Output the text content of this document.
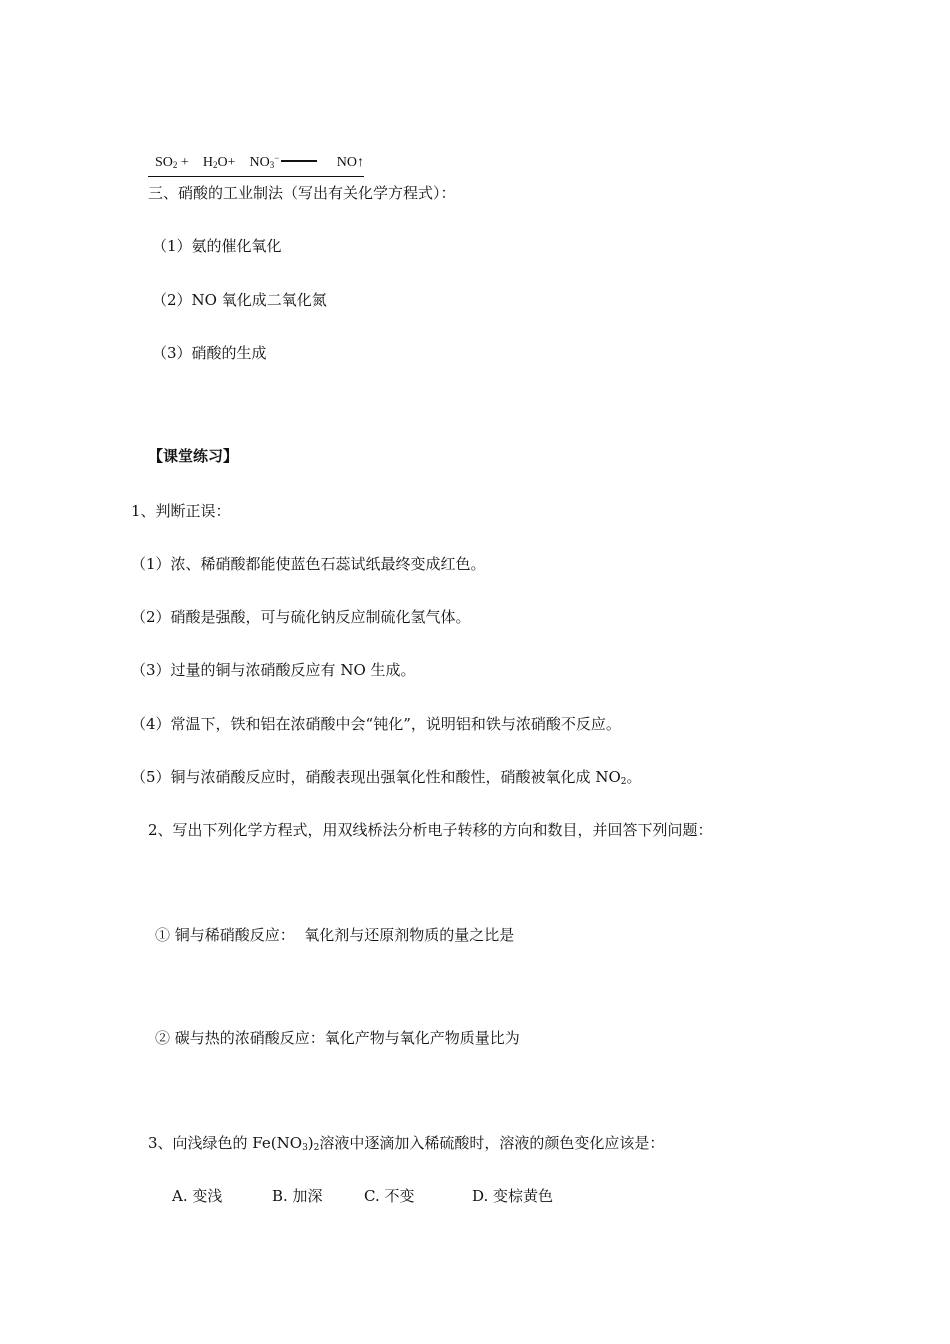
$SO_2 + H_2O+ NO_3^-$	NO↑

三、硝酸的工业制法（写出有关化学方程式）：
（1）氨的催化氧化
（2）NO 氧化成二氧化氮
（3）硝酸的生成
【课堂练习】
1、判断正误：
（1）浓、稀硝酸都能使蓝色石蕊试纸最终变成红色。
（2）硝酸是强酸，可与硫化钠反应制硫化氢气体。
（3）过量的铜与浓硝酸反应有 NO 生成。
（4）常温下，铁和铝在浓硝酸中会“钝化”，说明铝和铁与浓硝酸不反应。
（5）铜与浓硝酸反应时，硝酸表现出强氧化性和酸性，硝酸被氧化成 $NO_2$。
2、写出下列化学方程式，用双线桥法分析电子转移的方向和数目，并回答下列问题：
① 铜与稀硝酸反应：  氧化剂与还原剂物质的量之比是
② 碳与热的浓硝酸反应：氧化产物与氧化产物质量比为
3、向浅绿色的 $Fe(NO_3)_2$溶液中逐滴加入稀硫酸时，溶液的颜色变化应该是：
A. 变浅	B. 加深	C. 不变	D. 变棕黄色
